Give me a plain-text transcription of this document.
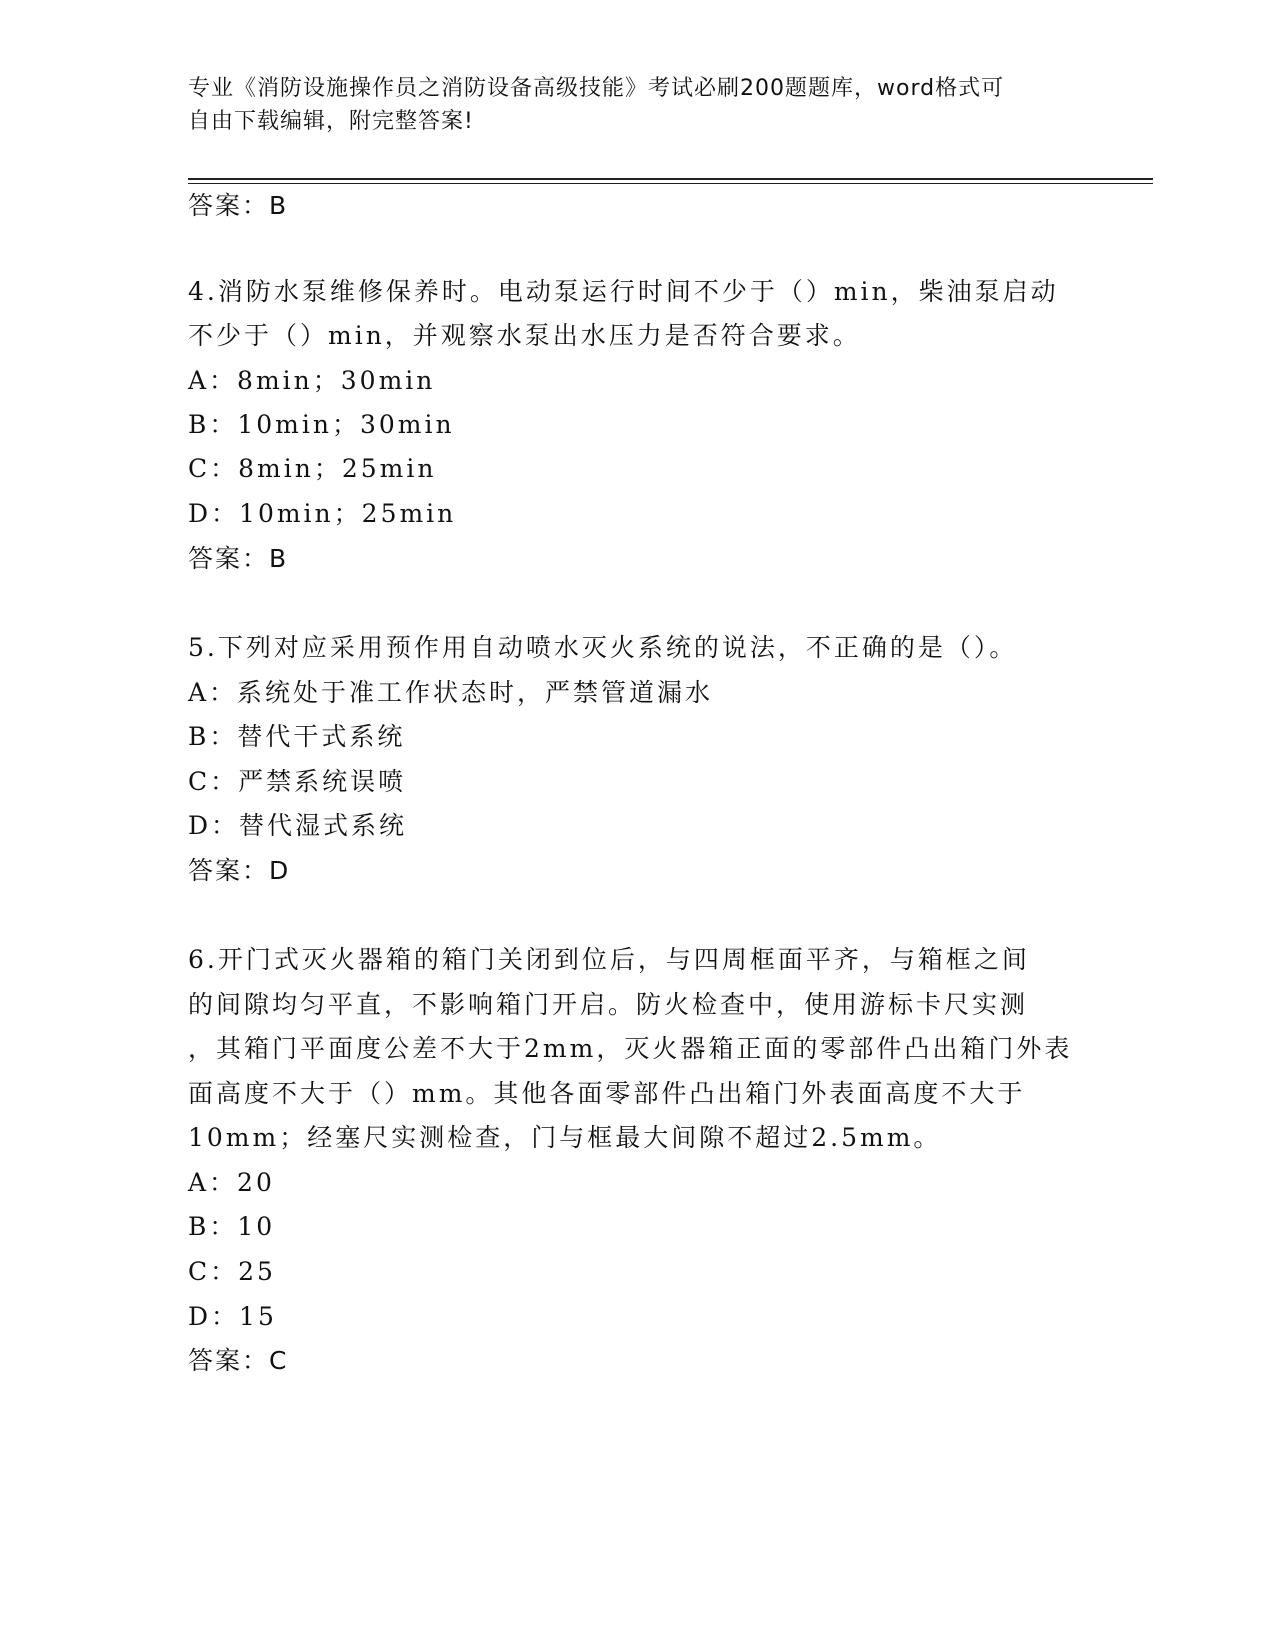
专业《消防设施操作员之消防设备高级技能》考试必刷200题题库，word格式可
自由下载编辑，附完整答案!
答案：B
4.消防水泵维修保养时。电动泵运行时间不少于（）min，柴油泵启动
不少于（）min，并观察水泵出水压力是否符合要求。
A：8min；30min
B：10min；30min
C：8min；25min
D：10min；25min
答案：B
5.下列对应采用预作用自动喷水灭火系统的说法，不正确的是（）。
A：系统处于准工作状态时，严禁管道漏水
B：替代干式系统
C：严禁系统误喷
D：替代湿式系统
答案：D
6.开门式灭火器箱的箱门关闭到位后，与四周框面平齐，与箱框之间
的间隙均匀平直，不影响箱门开启。防火检查中，使用游标卡尺实测
，其箱门平面度公差不大于2mm，灭火器箱正面的零部件凸出箱门外表
面高度不大于（）mm。其他各面零部件凸出箱门外表面高度不大于
10mm；经塞尺实测检查，门与框最大间隙不超过2.5mm。
A：20
B：10
C：25
D：15
答案：C
